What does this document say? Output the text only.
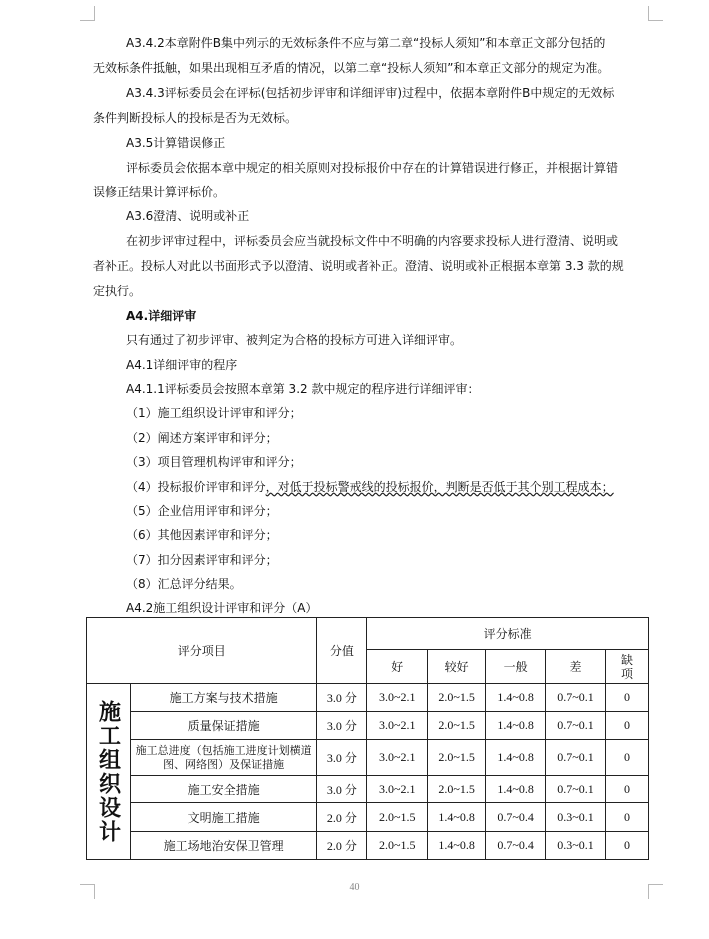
A3.4.2本章附件B集中列示的无效标条件不应与第二章“投标人须知”和本章正文部分包括的
无效标条件抵触，如果出现相互矛盾的情况，以第二章“投标人须知”和本章正文部分的规定为准。
A3.4.3评标委员会在评标(包括初步评审和详细评审)过程中，依据本章附件B中规定的无效标
条件判断投标人的投标是否为无效标。
A3.5计算错误修正
评标委员会依据本章中规定的相关原则对投标报价中存在的计算错误进行修正，并根据计算错
误修正结果计算评标价。
A3.6澄清、说明或补正
在初步评审过程中，评标委员会应当就投标文件中不明确的内容要求投标人进行澄清、说明或
者补正。投标人对此以书面形式予以澄清、说明或者补正。澄清、说明或补正根据本章第 3.3 款的规
定执行。
A4.详细评审
只有通过了初步评审、被判定为合格的投标方可进入详细评审。
A4.1详细评审的程序
A4.1.1评标委员会按照本章第 3.2 款中规定的程序进行详细评审：
（1）施工组织设计评审和评分；
（2）阐述方案评审和评分；
（3）项目管理机构评审和评分；
（4）投标报价评审和评分，对低于投标警戒线的投标报价，判断是否低于其个别工程成本；
（5）企业信用评审和评分；
（6）其他因素评审和评分；
（7）扣分因素评审和评分；
（8）汇总评分结果。
A4.2施工组织设计评审和评分（A）
评分项目		分值	评分标准				
			好	较好	一般	差	缺项

施工组织设计	施工方案与技术措施	3.0 分	3.0~2.1	2.0~1.5	1.4~0.8	0.7~0.1	0
	质量保证措施	3.0 分	3.0~2.1	2.0~1.5	1.4~0.8	0.7~0.1	0
	施工总进度（包括施工进度计划横道图、网络图）及保证措施	3.0 分	3.0~2.1	2.0~1.5	1.4~0.8	0.7~0.1	0
	施工安全措施	3.0 分	3.0~2.1	2.0~1.5	1.4~0.8	0.7~0.1	0
	文明施工措施	2.0 分	2.0~1.5	1.4~0.8	0.7~0.4	0.3~0.1	0
	施工场地治安保卫管理	2.0 分	2.0~1.5	1.4~0.8	0.7~0.4	0.3~0.1	0
40
